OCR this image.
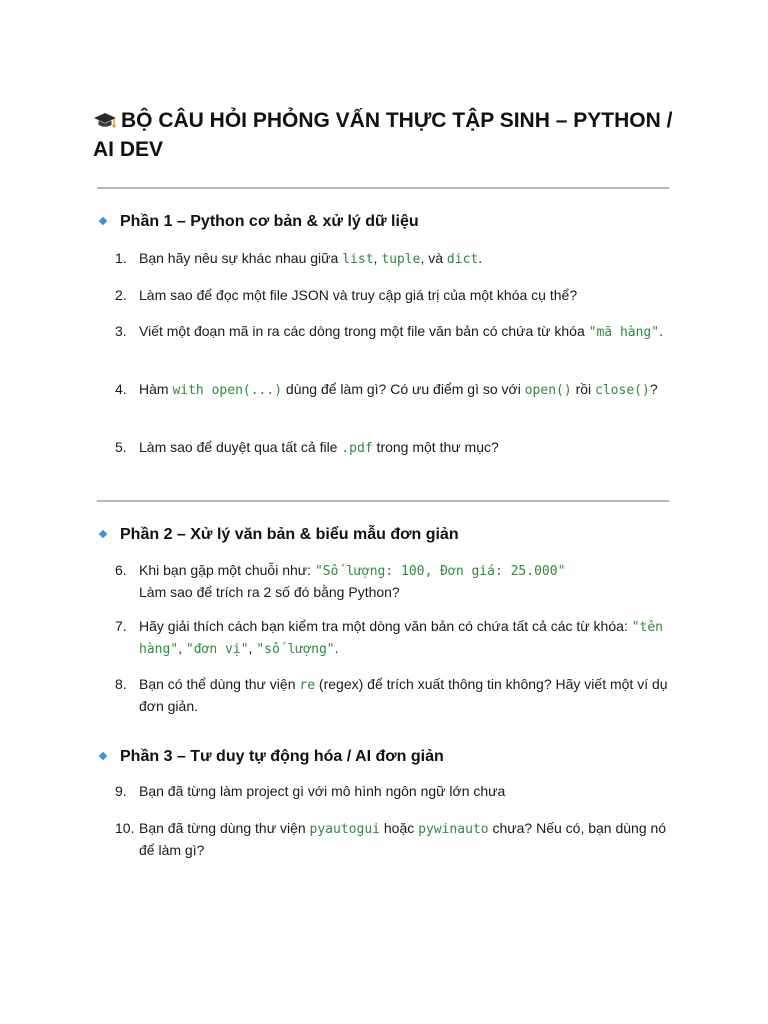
BỘ CÂU HỎI PHỎNG VẤN THỰC TẬP SINH – PYTHON / AI DEV
Phần 1 – Python cơ bản & xử lý dữ liệu
1. Bạn hãy nêu sự khác nhau giữa list, tuple, và dict.
2. Làm sao để đọc một file JSON và truy cập giá trị của một khóa cụ thể?
3. Viết một đoạn mã in ra các dòng trong một file văn bản có chứa từ khóa "mã hàng".
4. Hàm with open(...) dùng để làm gì? Có ưu điểm gì so với open() rồi close()?
5. Làm sao để duyệt qua tất cả file .pdf trong một thư mục?
Phần 2 – Xử lý văn bản & biểu mẫu đơn giản
6. Khi bạn gặp một chuỗi như: "Số lượng: 100, Đơn giá: 25.000"
Làm sao để trích ra 2 số đó bằng Python?
7. Hãy giải thích cách bạn kiểm tra một dòng văn bản có chứa tất cả các từ khóa: "tên hàng", "đơn vị", "số lượng".
8. Bạn có thể dùng thư viện re (regex) để trích xuất thông tin không? Hãy viết một ví dụ đơn giản.
Phần 3 – Tư duy tự động hóa / AI đơn giản
9. Bạn đã từng làm project gì với mô hình ngôn ngữ lớn chưa
10. Bạn đã từng dùng thư viện pyautogui hoặc pywinauto chưa? Nếu có, bạn dùng nó để làm gì?
